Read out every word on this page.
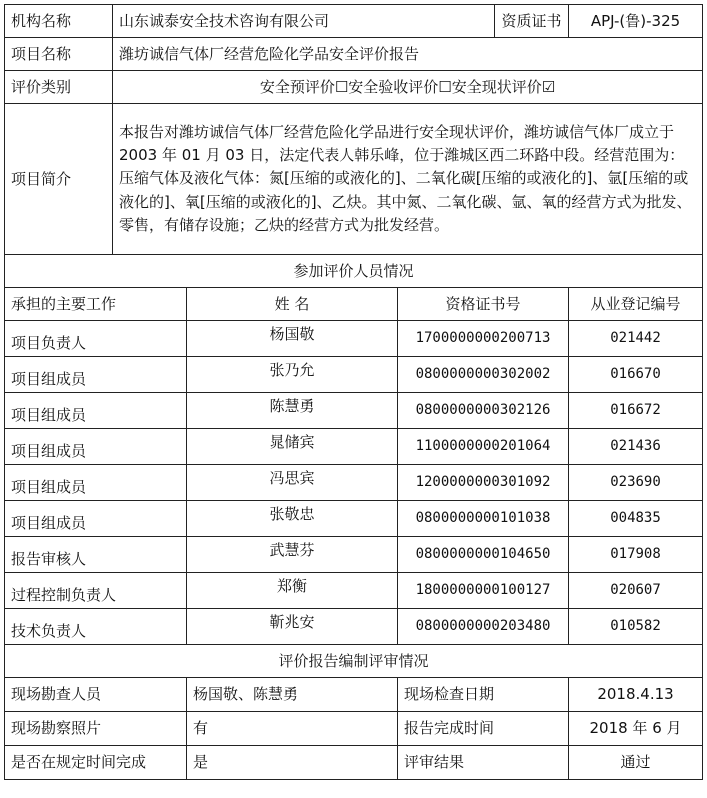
机构名称	山东诚泰安全技术咨询有限公司			资质证书	APJ-(鲁)-325
项目名称	潍坊诚信气体厂经营危险化学品安全评价报告				
评价类别	安全预评价☐安全验收评价☐安全现状评价☑				
项目简介	本报告对潍坊诚信气体厂经营危险化学品进行安全现状评价，潍坊诚信气体厂成立于 2003 年 01 月 03 日，法定代表人韩乐峰，位于潍城区西二环路中段。经营范围为：压缩气体及液化气体：氮[压缩的或液化的]、二氧化碳[压缩的或液化的]、氩[压缩的或液化的]、氧[压缩的或液化的]、乙炔。其中氮、二氧化碳、氩、氧的经营方式为批发、零售，有储存设施；乙炔的经营方式为批发经营。				
参加评价人员情况					
承担的主要工作		姓 名	资格证书号		从业登记编号
项目负责人		杨国敬	1700000000200713		021442
项目组成员		张乃允	0800000000302002		016670
项目组成员		陈慧勇	0800000000302126		016672
项目组成员		晁储宾	1100000000201064		021436
项目组成员		冯思宾	1200000000301092		023690
项目组成员		张敬忠	0800000000101038		004835
报告审核人		武慧芬	0800000000104650		017908
过程控制负责人		郑衡	1800000000100127		020607
技术负责人		靳兆安	0800000000203480		010582
评价报告编制评审情况					
现场勘查人员		杨国敬、陈慧勇	现场检查日期		2018.4.13
现场勘察照片		有	报告完成时间		2018 年 6 月
是否在规定时间完成		是	评审结果		通过
